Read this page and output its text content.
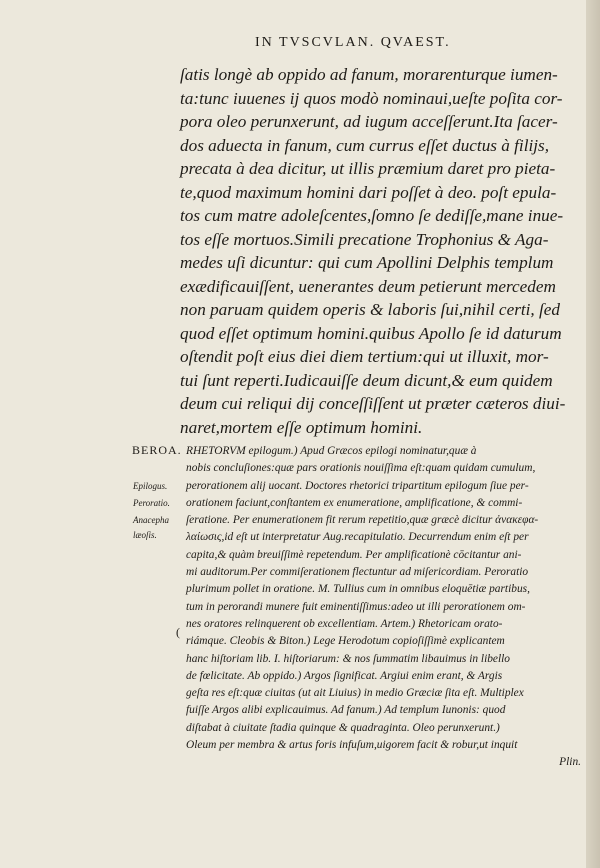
IN TVSCVLAN. QVAEST.
ſatis longè ab oppido ad fanum, morarenturque iumen-
ta:tunc iuuenes ij quos modò nominaui,ueſte poſita cor-
pora oleo perunxerunt, ad iugum acceſſerunt.Ita ſacer-
dos aduecta in fanum, cum currus eſſet ductus à filijs,
precata à dea dicitur, ut illis præmium daret pro pieta-
te,quod maximum homini dari poſſet à deo. poſt epula-
tos cum matre adoleſcentes,ſomno ſe dediſſe,mane inue-
tos eſſe mortuos.Simili precatione Trophonius & Aga-
medes uſi dicuntur: qui cum Apollini Delphis templum
exædificauiſſent, uenerantes deum petierunt mercedem
non paruam quidem operis & laboris ſui,nihil certi, ſed
quod eſſet optimum homini.quibus Apollo ſe id daturum
oſtendit poſt eius diei diem tertium:qui ut illuxit, mor-
tui ſunt reperti.Iudicauiſſe deum dicunt,& eum quidem
deum cui reliqui dij conceſſiſſent ut præter cæteros diui-
naret,mortem eſſe optimum homini.
BEROA.
Epilogus.
Peroratio.
Anacepha
læoſis.
(
RHETORVM epilogum.) Apud Græcos epilogi nominatur,quæ à
nobis concluſiones:quæ pars orationis nouiſſima eſt:quam quidam cumulum,
perorationem alij uocant. Doctores rhetorici tripartitum epilogum ſiue per-
orationem faciunt,conſtantem ex enumeratione, amplificatione, & commi-
ſeratione. Per enumerationem fit rerum repetitio,quæ græcè dicitur ἀνακεφα-
λαίωσις,id eſt ut interpretatur Aug.recapitulatio. Decurrendum enim eſt per
capita,& quàm breuiſſimè repetendum. Per amplificationè cōcitantur ani-
mi auditorum.Per commiſerationem flectuntur ad miſericordiam. Peroratio
plurimum pollet in oratione. M. Tullius cum in omnibus eloquētiæ partibus,
tum in perorandi munere fuit eminentiſſimus:adeo ut illi perorationem om-
nes oratores relinquerent ob excellentiam. Artem.) Rhetoricam orato-
riámque. Cleobis & Biton.) Lege Herodotum copioſiſſimè explicantem
hanc hiſtoriam lib. I. hiſtoriarum: & nos ſummatim libauimus in libello
de fœlicitate. Ab oppido.) Argos ſignificat. Argiui enim erant, & Argis
geſta res eſt:quæ ciuitas (ut ait Liuius) in medio Græciæ ſita eſt. Multiplex
fuiſſe Argos alibi explicauimus. Ad fanum.) Ad templum Iunonis: quod
diſtabat à ciuitate ſtadia quinque & quadraginta. Oleo perunxerunt.)
Oleum per membra & artus foris infuſum,uigorem facit & robur,ut inquit
Plin.
